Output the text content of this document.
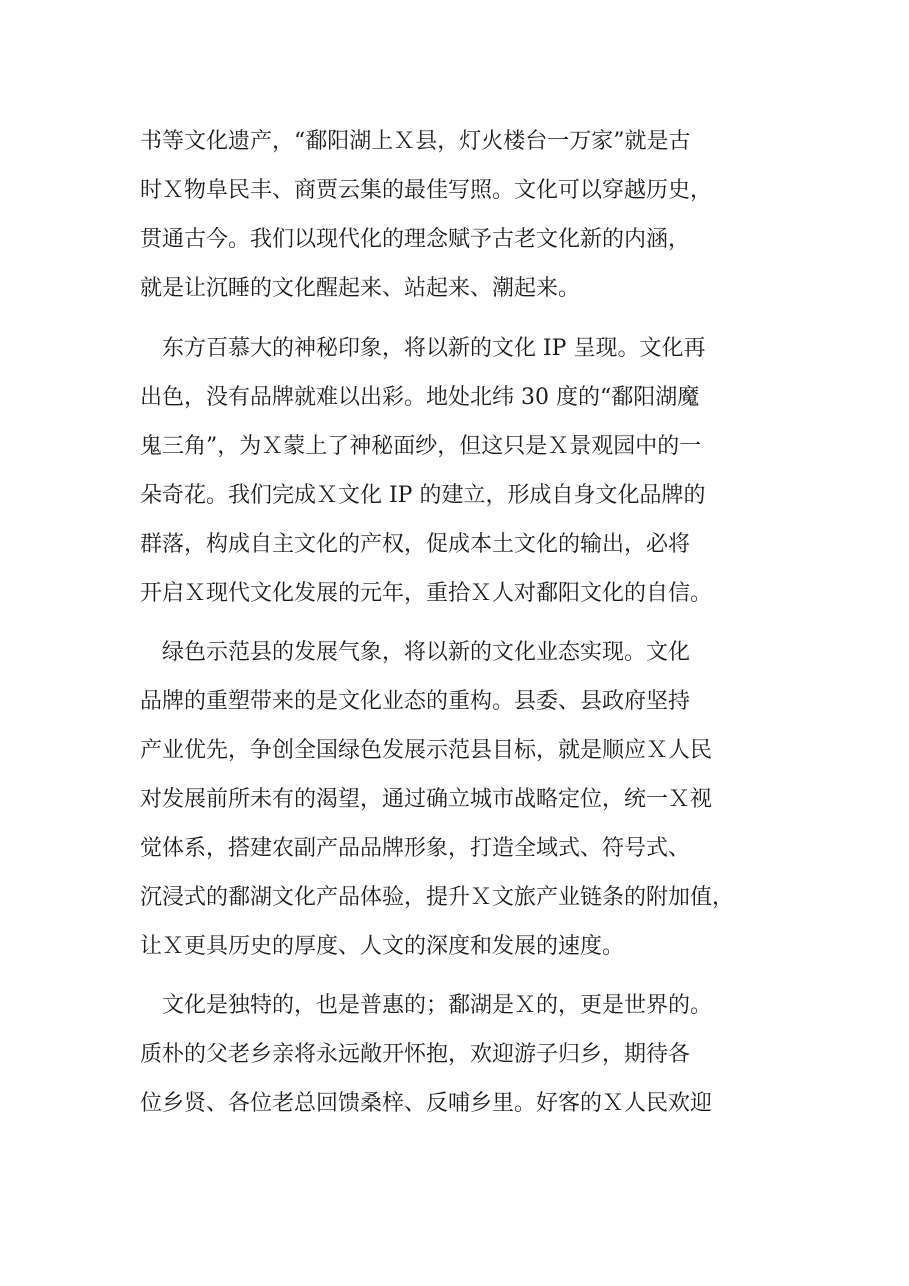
书等文化遗产，“鄱阳湖上Ｘ县，灯火楼台一万家”就是古
时Ｘ物阜民丰、商贾云集的最佳写照。文化可以穿越历史，
贯通古今。我们以现代化的理念赋予古老文化新的内涵，
就是让沉睡的文化醒起来、站起来、潮起来。
　东方百慕大的神秘印象，将以新的文化 IP 呈现。文化再
出色，没有品牌就难以出彩。地处北纬 30 度的“鄱阳湖魔
鬼三角”，为Ｘ蒙上了神秘面纱，但这只是Ｘ景观园中的一
朵奇花。我们完成Ｘ文化 IP 的建立，形成自身文化品牌的
群落，构成自主文化的产权，促成本土文化的输出，必将
开启Ｘ现代文化发展的元年，重拾Ｘ人对鄱阳文化的自信。
　绿色示范县的发展气象，将以新的文化业态实现。文化
品牌的重塑带来的是文化业态的重构。县委、县政府坚持
产业优先，争创全国绿色发展示范县目标，就是顺应Ｘ人民
对发展前所未有的渴望，通过确立城市战略定位，统一Ｘ视
觉体系，搭建农副产品品牌形象，打造全域式、符号式、
沉浸式的鄱湖文化产品体验，提升Ｘ文旅产业链条的附加值，
让Ｘ更具历史的厚度、人文的深度和发展的速度。
　文化是独特的，也是普惠的；鄱湖是Ｘ的，更是世界的。
质朴的父老乡亲将永远敞开怀抱，欢迎游子归乡，期待各
位乡贤、各位老总回馈桑梓、反哺乡里。好客的Ｘ人民欢迎
